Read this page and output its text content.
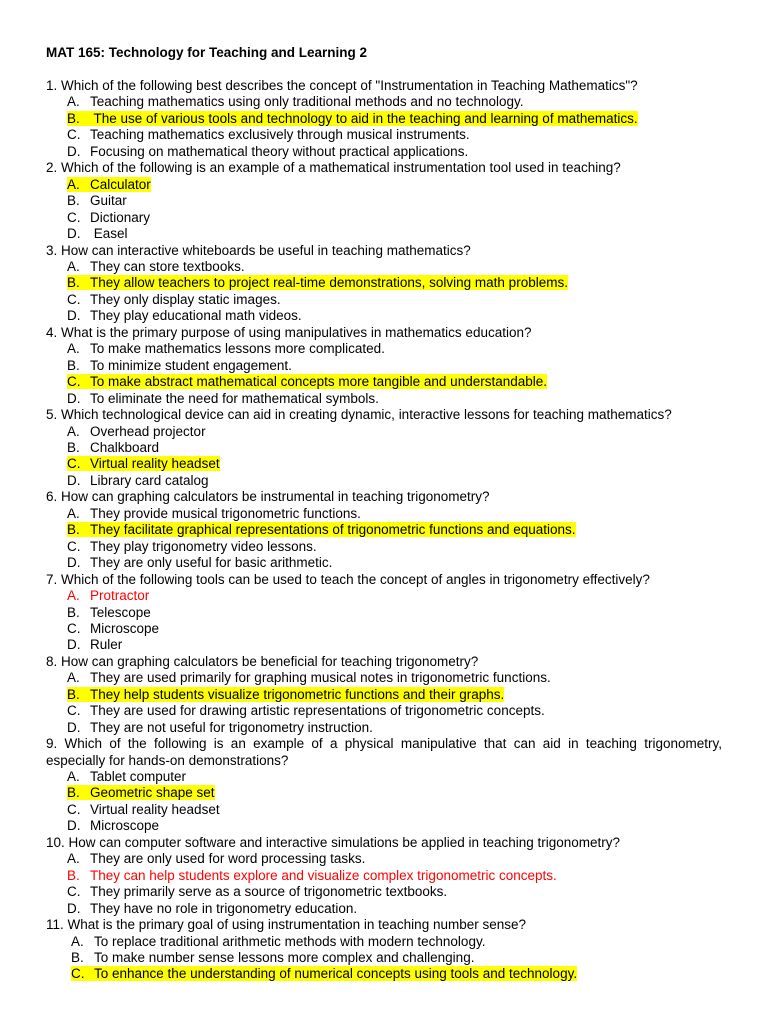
MAT 165: Technology for Teaching and Learning 2

1. Which of the following best describes the concept of "Instrumentation in Teaching Mathematics"?

A. Teaching mathematics using only traditional methods and no technology.
B. The use of various tools and technology to aid in the teaching and learning of mathematics.
C. Teaching mathematics exclusively through musical instruments.
D. Focusing on mathematical theory without practical applications.

2. Which of the following is an example of a mathematical instrumentation tool used in teaching?

A. Calculator
B. Guitar
C. Dictionary
D. Easel

3. How can interactive whiteboards be useful in teaching mathematics?

A. They can store textbooks.
B. They allow teachers to project real-time demonstrations, solving math problems.
C. They only display static images.
D. They play educational math videos.

4. What is the primary purpose of using manipulatives in mathematics education?

A. To make mathematics lessons more complicated.
B. To minimize student engagement.
C. To make abstract mathematical concepts more tangible and understandable.
D. To eliminate the need for mathematical symbols.

5. Which technological device can aid in creating dynamic, interactive lessons for teaching mathematics?

A. Overhead projector
B. Chalkboard
C. Virtual reality headset
D. Library card catalog

6. How can graphing calculators be instrumental in teaching trigonometry?

A. They provide musical trigonometric functions.
B. They facilitate graphical representations of trigonometric functions and equations.
C. They play trigonometry video lessons.
D. They are only useful for basic arithmetic.

7. Which of the following tools can be used to teach the concept of angles in trigonometry effectively?

A. Protractor
B. Telescope
C. Microscope
D. Ruler

8. How can graphing calculators be beneficial for teaching trigonometry?

A. They are used primarily for graphing musical notes in trigonometric functions.
B. They help students visualize trigonometric functions and their graphs.
C. They are used for drawing artistic representations of trigonometric concepts.
D. They are not useful for trigonometry instruction.

9. Which of the following is an example of a physical manipulative that can aid in teaching trigonometry, especially for hands-on demonstrations?

A. Tablet computer
B. Geometric shape set
C. Virtual reality headset
D. Microscope

10. How can computer software and interactive simulations be applied in teaching trigonometry?

A. They are only used for word processing tasks.
B. They can help students explore and visualize complex trigonometric concepts.
C. They primarily serve as a source of trigonometric textbooks.
D. They have no role in trigonometry education.

11. What is the primary goal of using instrumentation in teaching number sense?

A. To replace traditional arithmetic methods with modern technology.
B. To make number sense lessons more complex and challenging.
C. To enhance the understanding of numerical concepts using tools and technology.
